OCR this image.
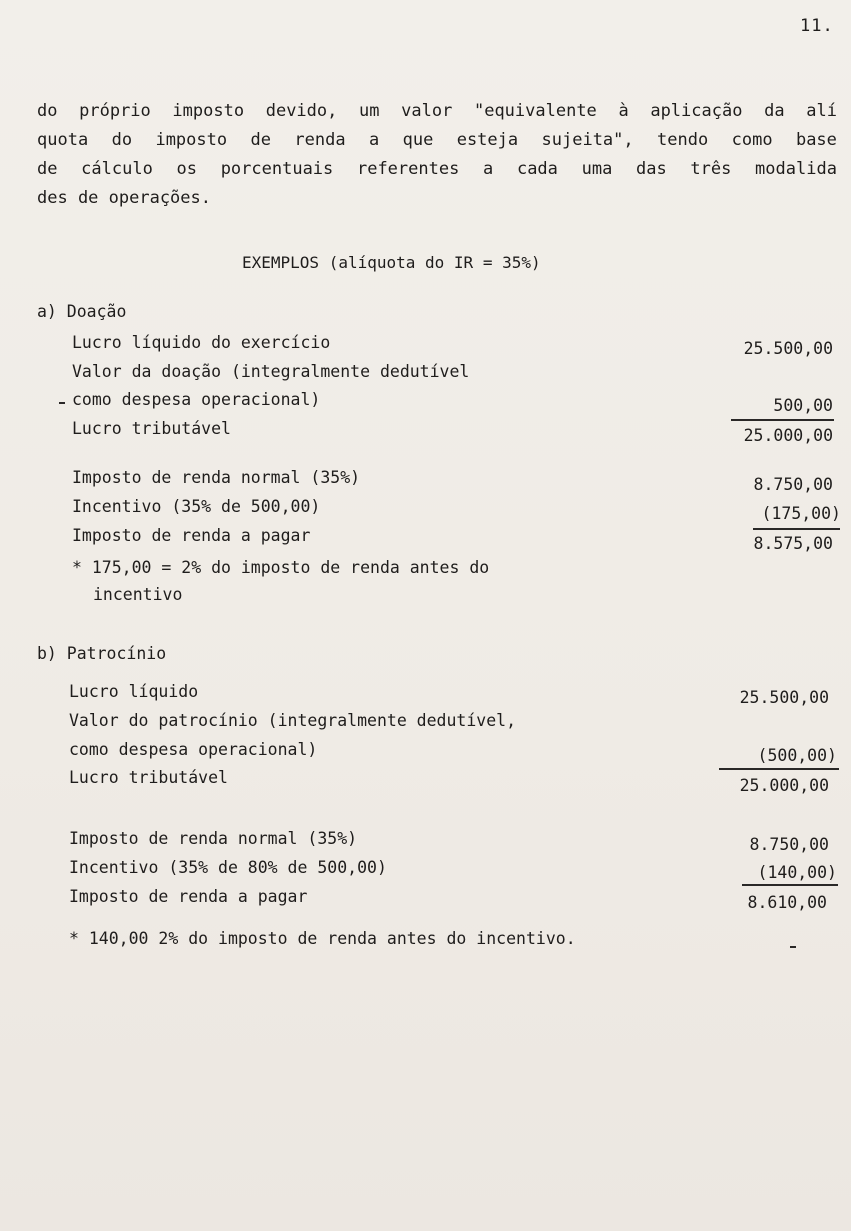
11.
do próprio imposto devido, um valor "equivalente à aplicação da alí
quota do imposto de renda a que esteja sujeita", tendo como base
de cálculo os porcentuais referentes a cada uma das três modalida
des de operações.
EXEMPLOS (alíquota do IR = 35%)
a) Doação
Lucro líquido do exercício	25.500,00
Valor da doação (integralmente dedutível
como despesa operacional)	500,00
Lucro tributável	25.000,00
Imposto de renda normal (35%)	8.750,00
Incentivo (35% de 500,00)	(175,00)
Imposto de renda a pagar	8.575,00
* 175,00 = 2% do imposto de renda antes do
incentivo
b) Patrocínio
Lucro líquido	25.500,00
Valor do patrocínio (integralmente dedutível,
como despesa operacional)	(500,00)
Lucro tributável	25.000,00
Imposto de renda normal (35%)	8.750,00
Incentivo (35% de 80% de 500,00)	(140,00)
Imposto de renda a pagar	8.610,00
* 140,00 2% do imposto de renda antes do incentivo.
